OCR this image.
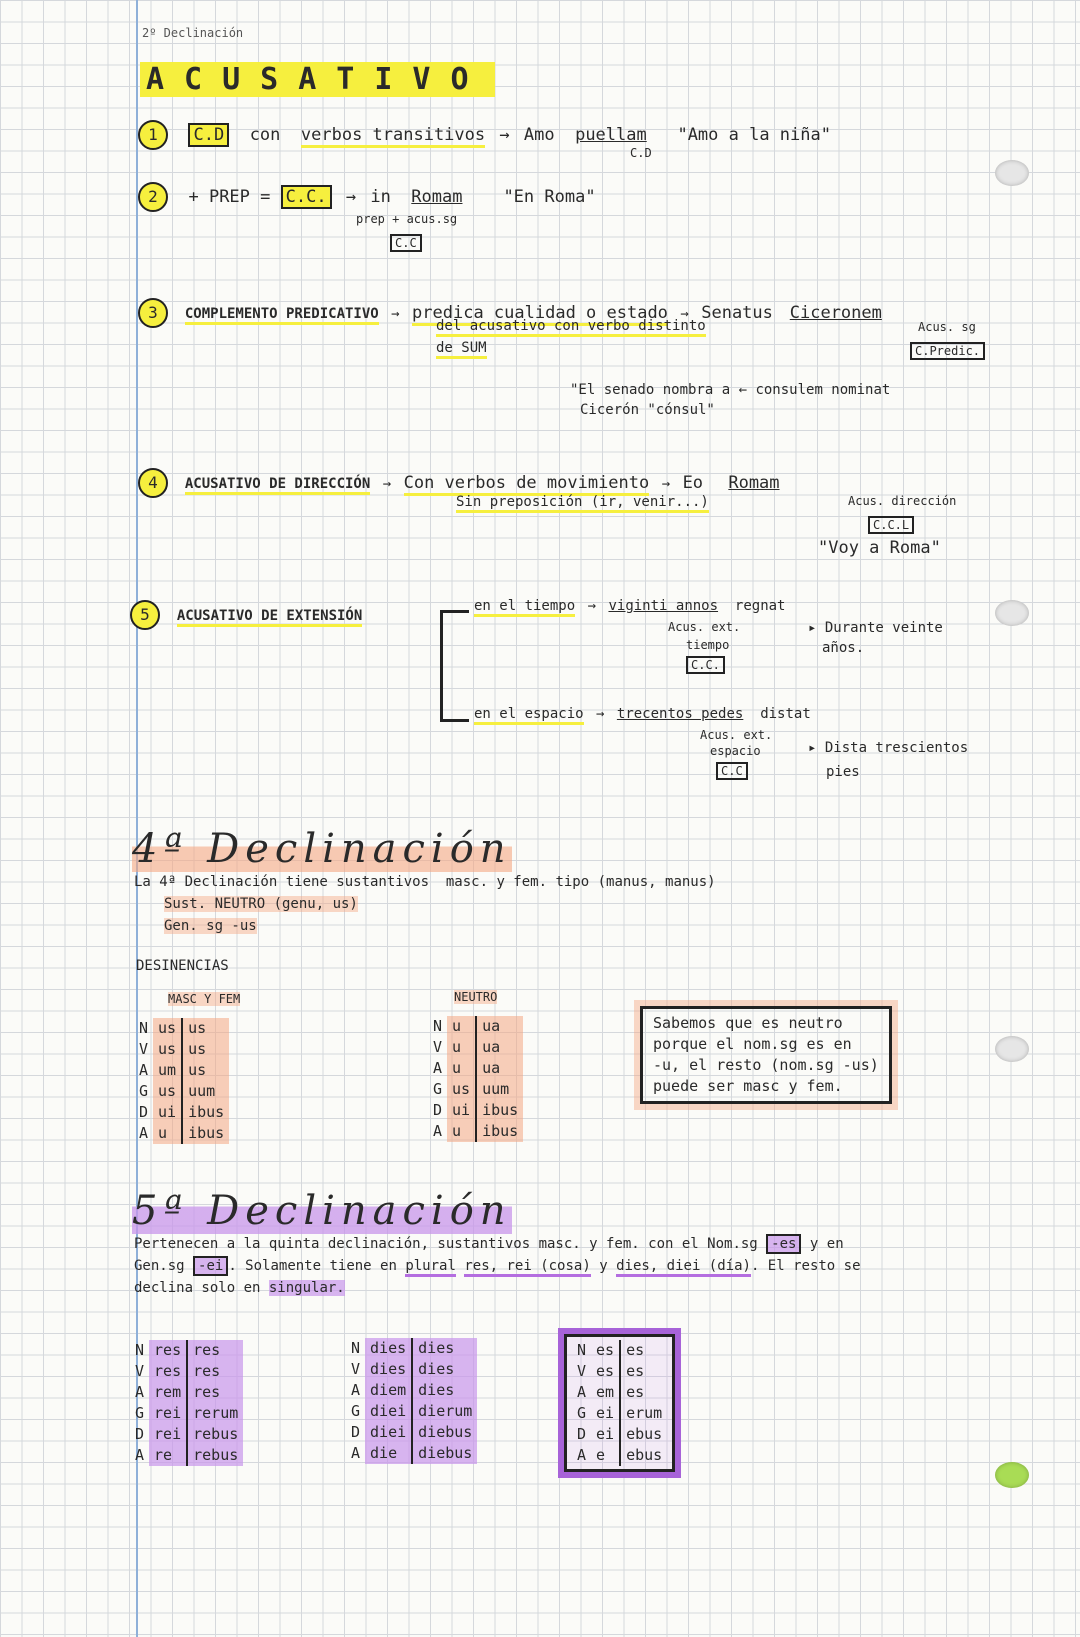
2º Declinación
ACUSATIVO
1 C.D con verbos transitivos → Amo puellam "Amo a la niña"
C.D
2 + PREP = C.C. → in Romam "En Roma"
prep + acus.sg
C.C
3 COMPLEMENTO PREDICATIVO → predica cualidad o estado → Senatus Ciceronem
del acusativo con verbo distinto
de SUM
Acus. sg
C.Predic.
"El senado nombra a ← consulem nominat
Cicerón "cónsul"
4 ACUSATIVO DE DIRECCIÓN → Con verbos de movimiento → Eo Romam
Sin preposición (ir, venir...)	Acus. dirección
C.C.L
"Voy a Roma"
5 ACUSATIVO DE EXTENSIÓN
en el tiempo → viginti annos regnat
Acus. ext.
tiempo
C.C.
▸ Durante veinte
años.
en el espacio → trecentos pedes distat
Acus. ext.
espacio
C.C
▸ Dista trescientos
pies
4ª Declinación
La 4ª Declinación tiene sustantivos masc. y fem. tipo (manus, manus)
Sust. NEUTRO (genu, us)
Gen. sg -us
DESINENCIAS
MASC Y FEM	NEUTRO
N	us	us
V	us	us
A	um	us
G	us	uum
D	ui	ibus
A	u	ibus
N	u	ua
V	u	ua
A	u	ua
G	us	uum
D	ui	ibus
A	u	ibus
Sabemos que es neutro
porque el nom.sg es en
-u, el resto (nom.sg -us)
puede ser masc y fem.
5ª Declinación
Pertenecen a la quinta declinación, sustantivos masc. y fem. con el Nom.sg -es y en
Gen.sg -ei . Solamente tiene en plural res, rei (cosa) y dies, diei (día). El resto se
declina solo en singular.
N	res	res
V	res	res
A	rem	res
G	rei	rerum
D	rei	rebus
A	re	rebus
N	dies	dies
V	dies	dies
A	diem	dies
G	diei	dierum
D	diei	diebus
A	die	diebus
N	es	es
V	es	es
A	em	es
G	ei	erum
D	ei	ebus
A	e	ebus
